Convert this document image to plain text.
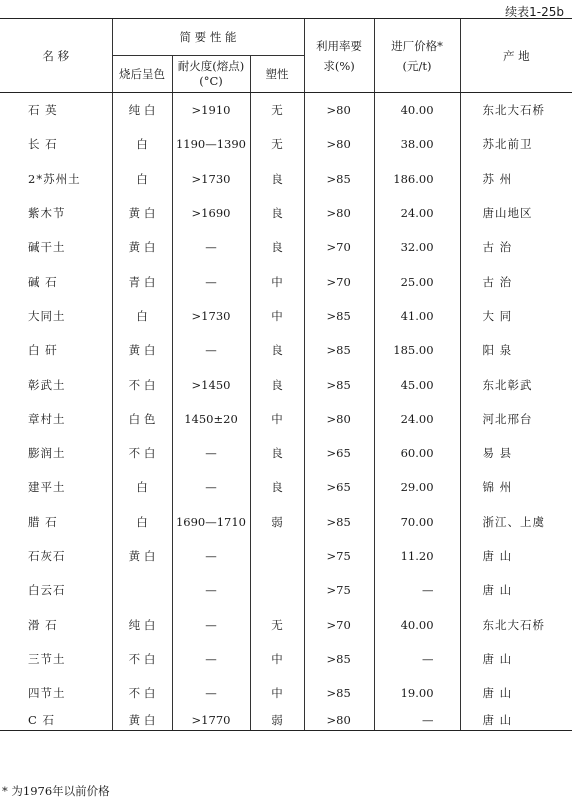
续表1-25b
名 移	简 要 性 能			利用率要求(%)	进厂价格*(元/t)	产 地
	烧后呈色	耐火度(熔点)(°C)	塑性			
石 英	纯 白	>1910	无	>80	40.00	东北大石桥
长 石	白	1190—1390	无	>80	38.00	苏北前卫
2*苏州土	白	>1730	良	>85	186.00	苏 州
紫木节	黄 白	>1690	良	>80	24.00	唐山地区
碱干土	黄 白	—	良	>70	32.00	古 治
碱 石	青 白	—	中	>70	25.00	古 治
大同土	白	>1730	中	>85	41.00	大 同
白 矸	黄 白	—	良	>85	185.00	阳 泉
彰武土	不 白	>1450	良	>85	45.00	东北彰武
章村土	白 色	1450±20	中	>80	24.00	河北邢台
膨润土	不 白	—	良	>65	60.00	易 县
建平土	白	—	良	>65	29.00	锦 州
腊 石	白	1690—1710	弱	>85	70.00	浙江、上虞
石灰石	黄 白	—		>75	11.20	唐 山
白云石		—		>75	—	唐 山
滑 石	纯 白	—	无	>70	40.00	东北大石桥
三节土	不 白	—	中	>85	—	唐 山
四节土	不 白	—	中	>85	19.00	唐 山
C 石	黄 白	>1770	弱	>80	—	唐 山
* 为1976年以前价格
